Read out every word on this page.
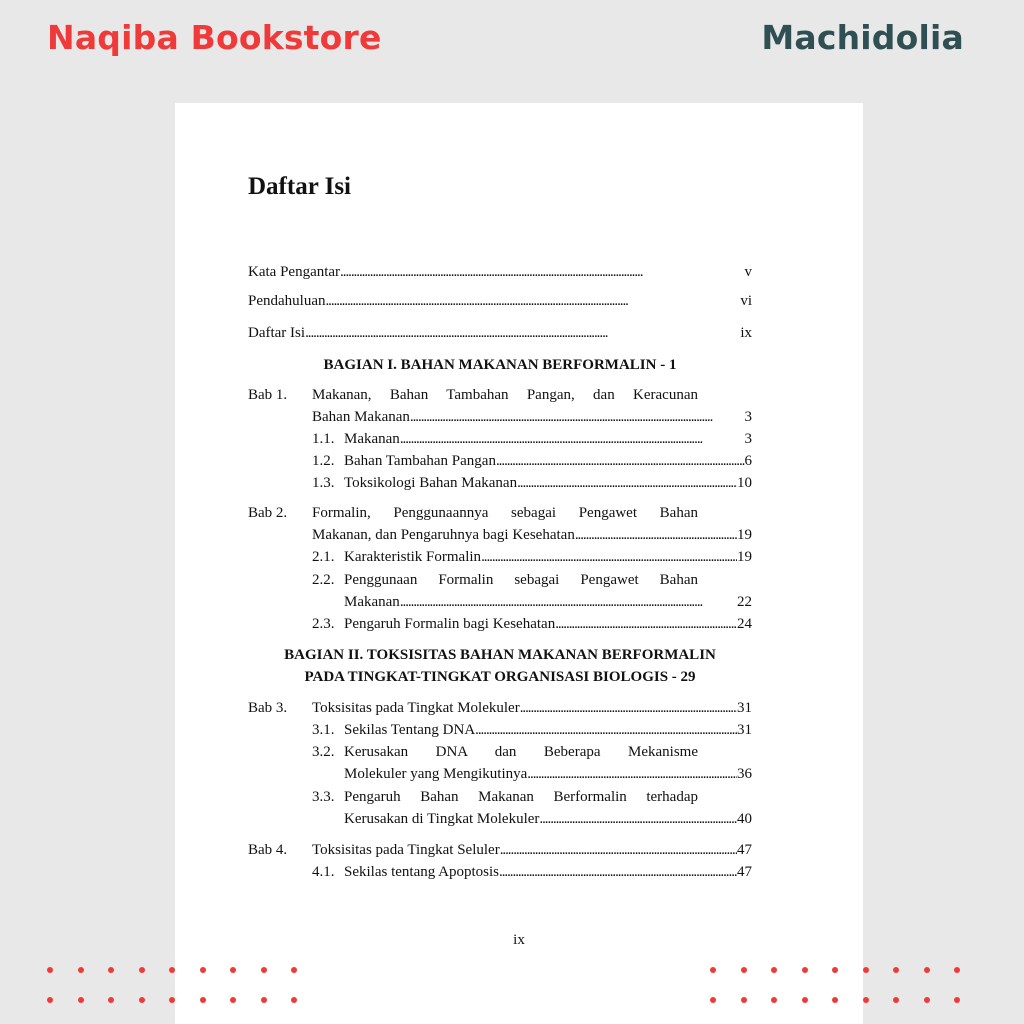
Naqiba Bookstore	Machidolia
Daftar Isi
Kata Pengantar . . .	v
Pendahuluan . . .	vi
Daftar Isi . . .	ix
BAGIAN I. BAHAN MAKANAN BERFORMALIN - 1
Bab 1. Makanan, Bahan Tambahan Pangan, dan Keracunan
Bahan Makanan . . .	3
1.1. Makanan . . .	3
1.2. Bahan Tambahan Pangan . . .	6
1.3. Toksikologi Bahan Makanan . . .	10
Bab 2. Formalin, Penggunaannya sebagai Pengawet Bahan
Makanan, dan Pengaruhnya bagi Kesehatan . . .	19
2.1. Karakteristik Formalin . . .	19
2.2. Penggunaan Formalin sebagai Pengawet Bahan
Makanan . . .	22
2.3. Pengaruh Formalin bagi Kesehatan . . .	24
BAGIAN II. TOKSISITAS BAHAN MAKANAN BERFORMALIN
PADA TINGKAT-TINGKAT ORGANISASI BIOLOGIS - 29
Bab 3.	Toksisitas pada Tingkat Molekuler . . .	31
3.1. Sekilas Tentang DNA . . .	31
3.2. Kerusakan DNA dan Beberapa Mekanisme
Molekuler yang Mengikutinya . . .	36
3.3. Pengaruh Bahan Makanan Berformalin terhadap
Kerusakan di Tingkat Molekuler . . .	40
Bab 4.	Toksisitas pada Tingkat Seluler . . .	47
4.1. Sekilas tentang Apoptosis . . .	47
ix
